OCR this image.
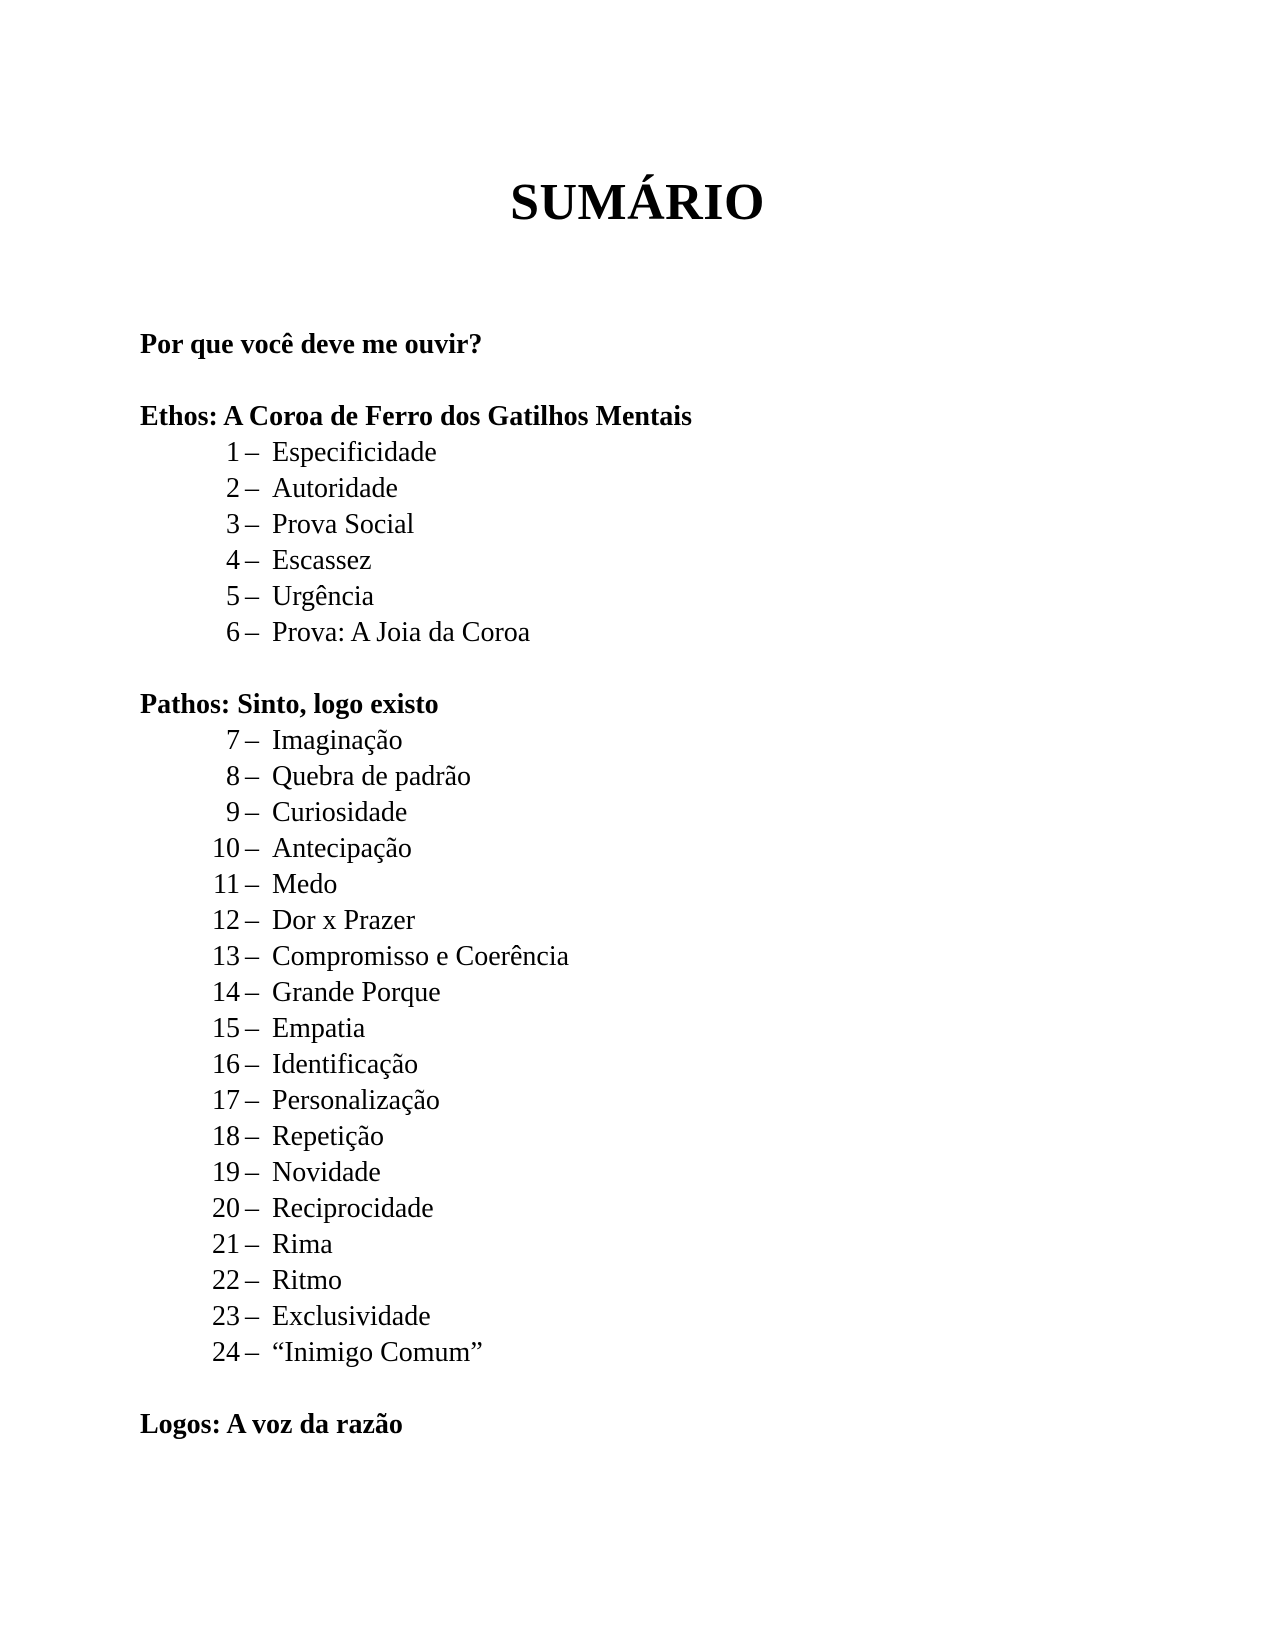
SUMÁRIO
Por que você deve me ouvir?

Ethos: A Coroa de Ferro dos Gatilhos Mentais
1 – Especificidade
2 – Autoridade
3 – Prova Social
4 – Escassez
5 – Urgência
6 – Prova: A Joia da Coroa

Pathos: Sinto, logo existo
7 – Imaginação
8 – Quebra de padrão
9 – Curiosidade
10 – Antecipação
11 – Medo
12 – Dor x Prazer
13 – Compromisso e Coerência
14 – Grande Porque
15 – Empatia
16 – Identificação
17 – Personalização
18 – Repetição
19 – Novidade
20 – Reciprocidade
21 – Rima
22 – Ritmo
23 – Exclusividade
24 – “Inimigo Comum”

Logos: A voz da razão
